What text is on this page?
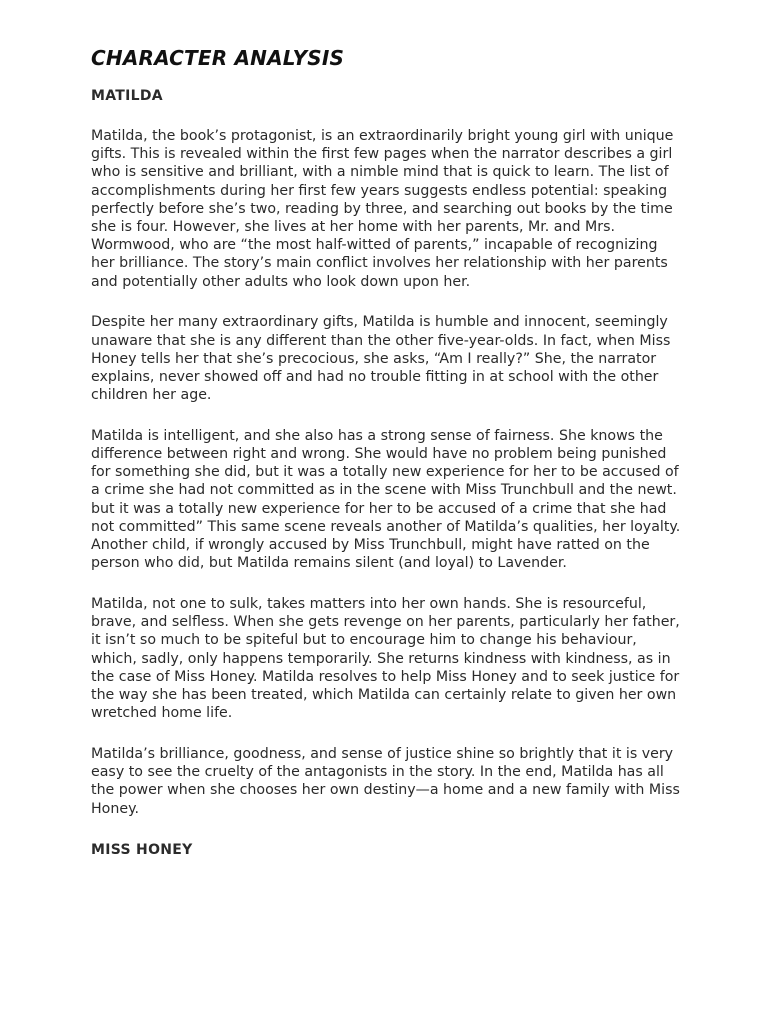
CHARACTER ANALYSIS
MATILDA

Matilda, the book’s protagonist, is an extraordinarily bright young girl with unique gifts. This is revealed within the first few pages when the narrator describes a girl who is sensitive and brilliant, with a nimble mind that is quick to learn. The list of accomplishments during her first few years suggests endless potential: speaking perfectly before she’s two, reading by three, and searching out books by the time she is four. However, she lives at her home with her parents, Mr. and Mrs. Wormwood, who are “the most half-witted of parents,” incapable of recognizing her brilliance. The story’s main conflict involves her relationship with her parents and potentially other adults who look down upon her.

Despite her many extraordinary gifts, Matilda is humble and innocent, seemingly unaware that she is any different than the other five-year-olds. In fact, when Miss Honey tells her that she’s precocious, she asks, “Am I really?” She, the narrator explains, never showed off and had no trouble fitting in at school with the other children her age.

Matilda is intelligent, and she also has a strong sense of fairness. She knows the difference between right and wrong. She would have no problem being punished for something she did, but it was a totally new experience for her to be accused of a crime she had not committed as in the scene with Miss Trunchbull and the newt. but it was a totally new experience for her to be accused of a crime that she had not committed” This same scene reveals another of Matilda’s qualities, her loyalty. Another child, if wrongly accused by Miss Trunchbull, might have ratted on the person who did, but Matilda remains silent (and loyal) to Lavender.

Matilda, not one to sulk, takes matters into her own hands. She is resourceful, brave, and selfless. When she gets revenge on her parents, particularly her father, it isn’t so much to be spiteful but to encourage him to change his behaviour, which, sadly, only happens temporarily. She returns kindness with kindness, as in the case of Miss Honey. Matilda resolves to help Miss Honey and to seek justice for the way she has been treated, which Matilda can certainly relate to given her own wretched home life.

Matilda’s brilliance, goodness, and sense of justice shine so brightly that it is very easy to see the cruelty of the antagonists in the story. In the end, Matilda has all the power when she chooses her own destiny—a home and a new family with Miss Honey.

MISS HONEY
